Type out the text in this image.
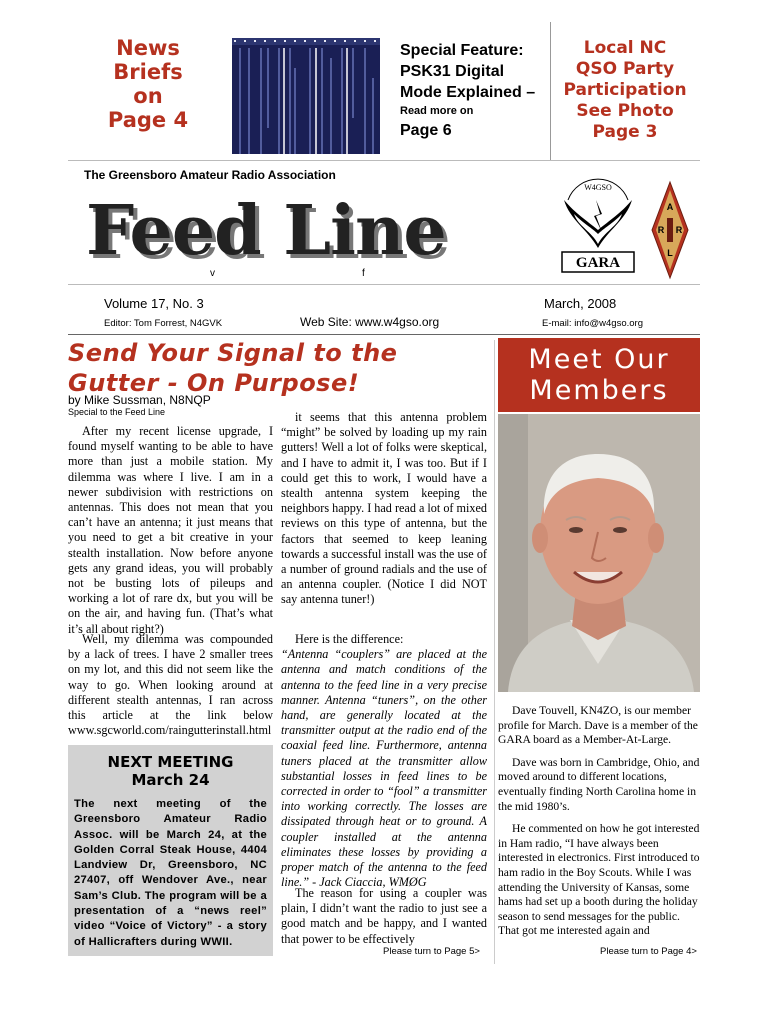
News
Briefs
on
Page 4
Special Feature:
PSK31 Digital
Mode Explained –
Read more on
Page 6
Local NC
QSO Party
Participation
See Photo
Page 3
The Greensboro Amateur Radio Association
Feed Line
W4GSO
GARA
A
R R
L
v	f
Volume 17, No. 3	March, 2008
Editor: Tom Forrest, N4GVK	Web Site: www.w4gso.org	E-mail: info@w4gso.org
Send Your Signal to the
Gutter - On Purpose!
by Mike Sussman, N8NQP
Special to the Feed Line

After my recent license upgrade, I found myself wanting to be able to have more than just a mobile station. My dilemma was where I live. I am in a newer subdivision with restrictions on antennas. This does not mean that you can’t have an antenna; it just means that you need to get a bit creative in your stealth installation. Now before anyone gets any grand ideas, you will probably not be busting lots of pileups and working a lot of rare dx, but you will be on the air, and having fun. (That’s what it’s all about right?)

Well, my dilemma was compounded by a lack of trees. I have 2 smaller trees on my lot, and this did not seem like the way to go. When looking around at different stealth antennas, I ran across this article at the link below www.sgcworld.com/raingutterinstall.html

NEXT MEETING
March 24
The next meeting of the Greensboro Amateur Radio Assoc. will be March 24, at the Golden Corral Steak House, 4404 Landview Dr, Greensboro, NC 27407, off Wendover Ave., near Sam’s Club. The program will be a presentation of a “news reel” video “Voice of Victory” - a story of Hallicrafters during WWII.

it seems that this antenna problem “might” be solved by loading up my rain gutters! Well a lot of folks were skeptical, and I have to admit it, I was too. But if I could get this to work, I would have a stealth antenna system keeping the neighbors happy. I had read a lot of mixed reviews on this type of antenna, but the factors that seemed to keep leaning towards a successful install was the use of a number of ground radials and the use of an antenna coupler. (Notice I did NOT say antenna tuner!)

Here is the difference:

“Antenna “couplers” are placed at the antenna and match conditions of the antenna to the feed line in a very precise manner. Antenna “tuners”, on the other hand, are generally located at the transmitter output at the radio end of the coaxial feed line. Furthermore, antenna tuners placed at the transmitter allow substantial losses in feed lines to be corrected in order to “fool” a transmitter into working correctly. The losses are dissipated through heat or to ground. A coupler installed at the antenna eliminates these losses by providing a proper match of the antenna to the feed line.” - Jack Ciaccia, WMØG

The reason for using a coupler was plain, I didn’t want the radio to just see a good match and be happy, and I wanted that power to be effectively

Please turn to Page 5>
Meet Our
Members

Dave Touvell, KN4ZO, is our member profile for March. Dave is a member of the GARA board as a Member-At-Large.

Dave was born in Cambridge, Ohio, and moved around to different locations, eventually finding North Carolina home in the mid 1980’s.

He commented on how he got interested in Ham radio, “I have always been interested in electronics. First introduced to ham radio in the Boy Scouts. While I was attending the University of Kansas, some hams had set up a booth during the holiday season to send messages for the public. That got me interested again and

Please turn to Page 4>
